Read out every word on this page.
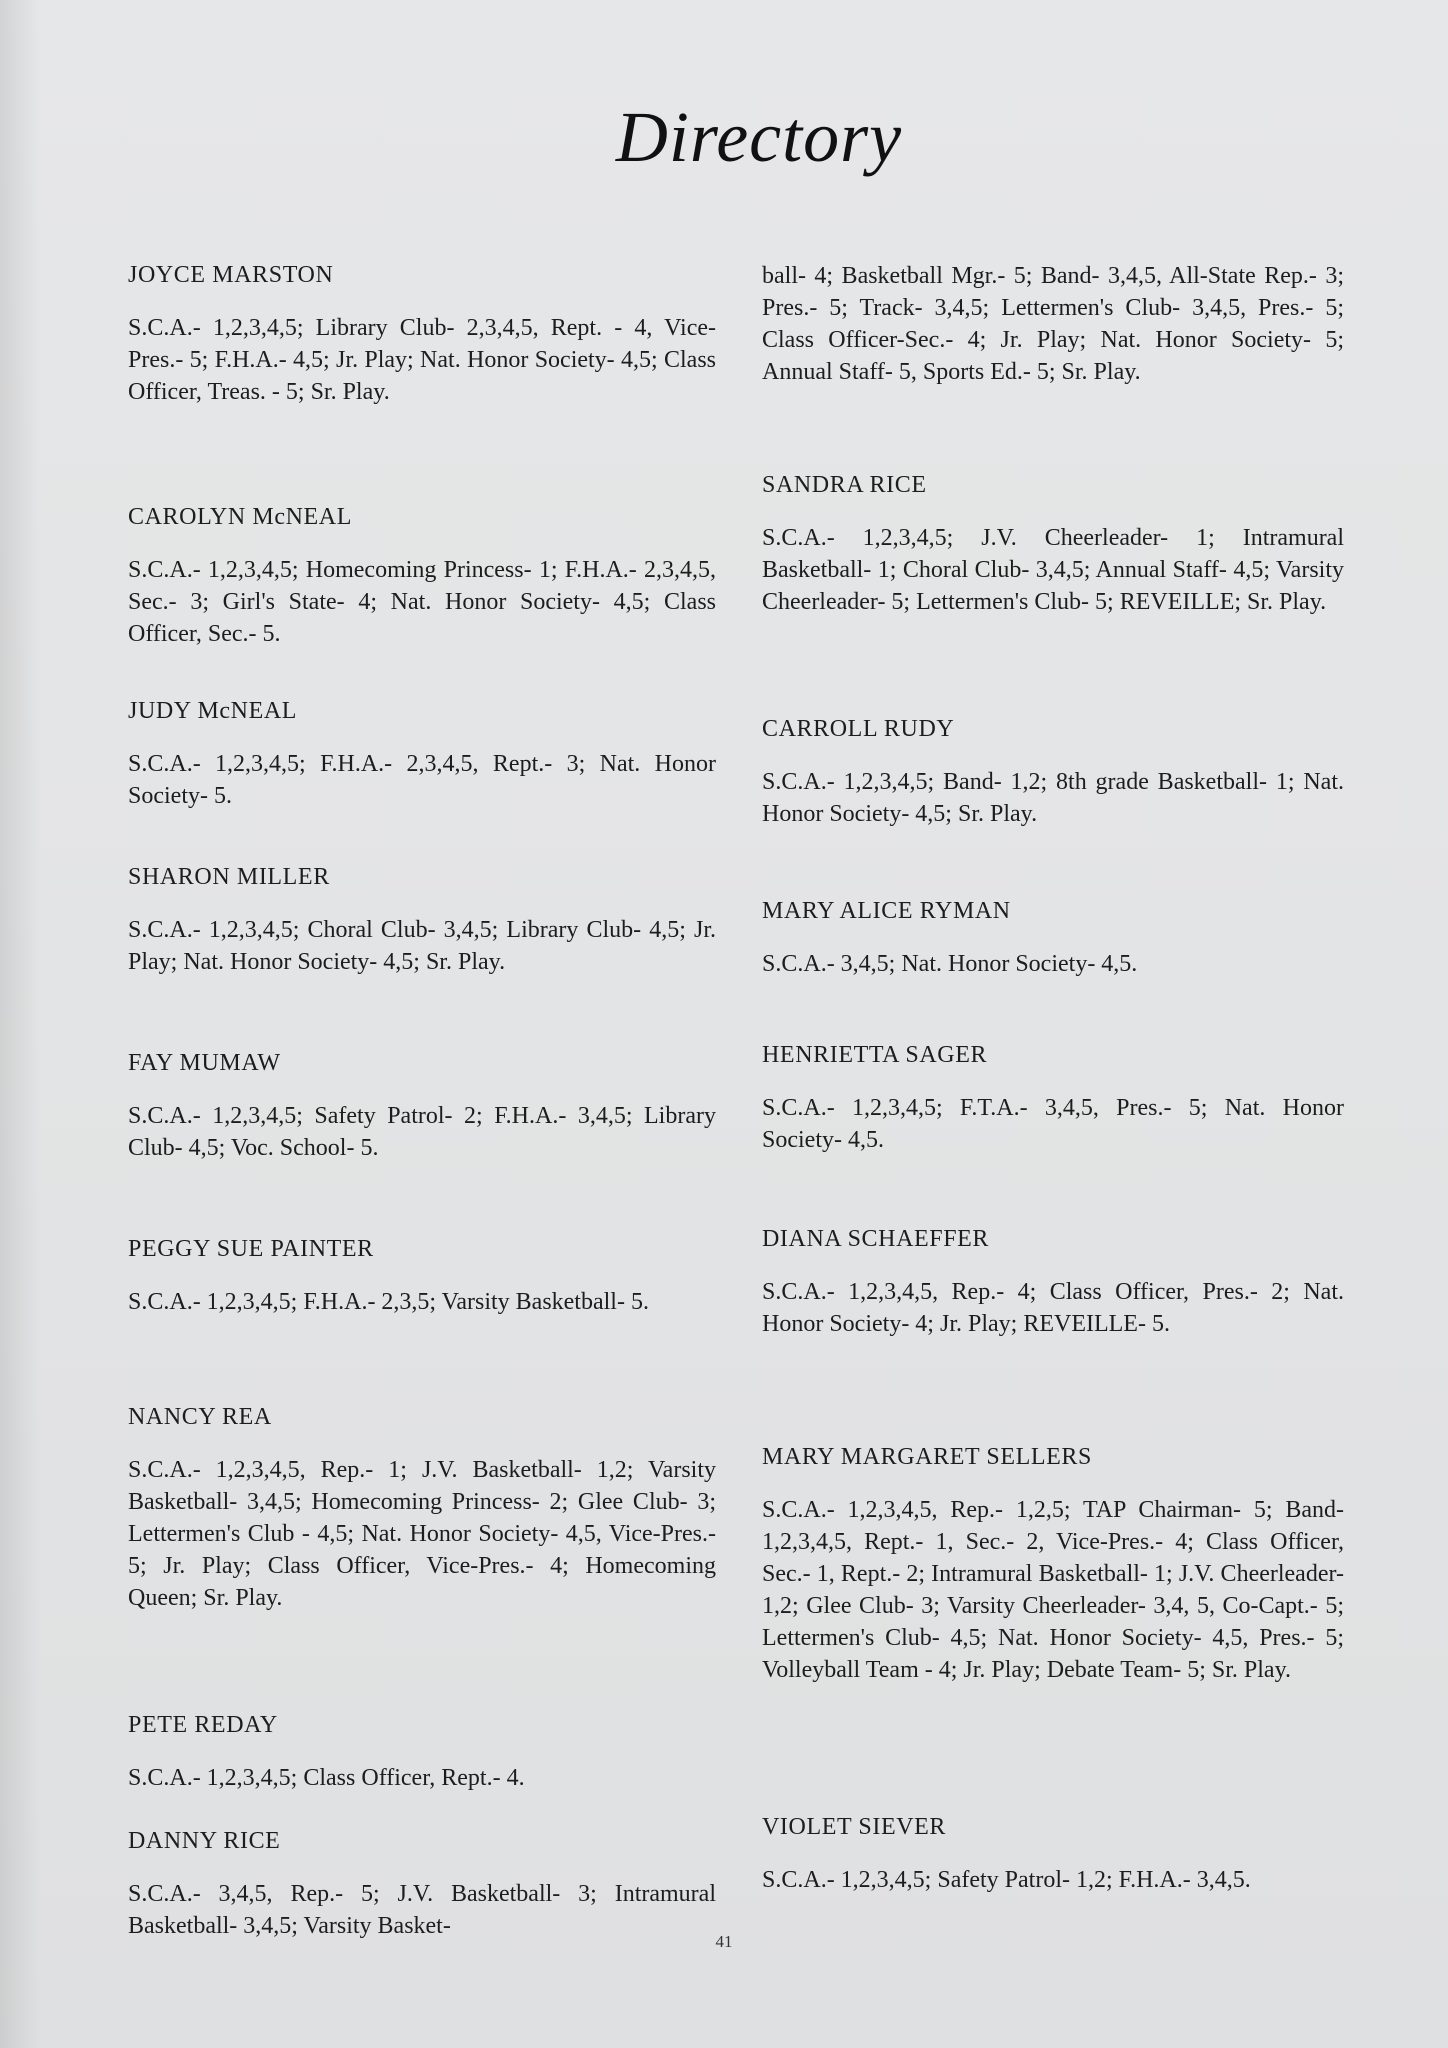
Directory
JOYCE MARSTON

S.C.A.- 1,2,3,4,5; Library Club- 2,3,4,5, Rept. - 4, Vice-Pres.- 5; F.H.A.- 4,5; Jr. Play; Nat. Honor Society- 4,5; Class Officer, Treas. - 5; Sr. Play.

CAROLYN McNEAL

S.C.A.- 1,2,3,4,5; Homecoming Princess- 1; F.H.A.- 2,3,4,5, Sec.- 3; Girl's State- 4; Nat. Honor Society- 4,5; Class Officer, Sec.- 5.

JUDY McNEAL

S.C.A.- 1,2,3,4,5; F.H.A.- 2,3,4,5, Rept.- 3; Nat. Honor Society- 5.

SHARON MILLER

S.C.A.- 1,2,3,4,5; Choral Club- 3,4,5; Library Club- 4,5; Jr. Play; Nat. Honor Society- 4,5; Sr. Play.

FAY MUMAW

S.C.A.- 1,2,3,4,5; Safety Patrol- 2; F.H.A.- 3,4,5; Library Club- 4,5; Voc. School- 5.

PEGGY SUE PAINTER

S.C.A.- 1,2,3,4,5; F.H.A.- 2,3,5; Varsity Basketball- 5.

NANCY REA

S.C.A.- 1,2,3,4,5, Rep.- 1; J.V. Basketball- 1,2; Varsity Basketball- 3,4,5; Homecoming Princess- 2; Glee Club- 3; Lettermen's Club - 4,5; Nat. Honor Society- 4,5, Vice-Pres.- 5; Jr. Play; Class Officer, Vice-Pres.- 4; Homecoming Queen; Sr. Play.

PETE REDAY

S.C.A.- 1,2,3,4,5; Class Officer, Rept.- 4.

DANNY RICE

S.C.A.- 3,4,5, Rep.- 5; J.V. Basketball- 3; Intramural Basketball- 3,4,5; Varsity Basket-

ball- 4; Basketball Mgr.- 5; Band- 3,4,5, All-State Rep.- 3; Pres.- 5; Track- 3,4,5; Lettermen's Club- 3,4,5, Pres.- 5; Class Officer-Sec.- 4; Jr. Play; Nat. Honor Society- 5; Annual Staff- 5, Sports Ed.- 5; Sr. Play.

SANDRA RICE

S.C.A.- 1,2,3,4,5; J.V. Cheerleader- 1; Intramural Basketball- 1; Choral Club- 3,4,5; Annual Staff- 4,5; Varsity Cheerleader- 5; Lettermen's Club- 5; REVEILLE; Sr. Play.

CARROLL RUDY

S.C.A.- 1,2,3,4,5; Band- 1,2; 8th grade Basketball- 1; Nat. Honor Society- 4,5; Sr. Play.

MARY ALICE RYMAN

S.C.A.- 3,4,5; Nat. Honor Society- 4,5.

HENRIETTA SAGER

S.C.A.- 1,2,3,4,5; F.T.A.- 3,4,5, Pres.- 5; Nat. Honor Society- 4,5.

DIANA SCHAEFFER

S.C.A.- 1,2,3,4,5, Rep.- 4; Class Officer, Pres.- 2; Nat. Honor Society- 4; Jr. Play; REVEILLE- 5.

MARY MARGARET SELLERS

S.C.A.- 1,2,3,4,5, Rep.- 1,2,5; TAP Chairman- 5; Band- 1,2,3,4,5, Rept.- 1, Sec.- 2, Vice-Pres.- 4; Class Officer, Sec.- 1, Rept.- 2; Intramural Basketball- 1; J.V. Cheerleader- 1,2; Glee Club- 3; Varsity Cheerleader- 3,4, 5, Co-Capt.- 5; Lettermen's Club- 4,5; Nat. Honor Society- 4,5, Pres.- 5; Volleyball Team - 4; Jr. Play; Debate Team- 5; Sr. Play.

VIOLET SIEVER

S.C.A.- 1,2,3,4,5; Safety Patrol- 1,2; F.H.A.- 3,4,5.

41
